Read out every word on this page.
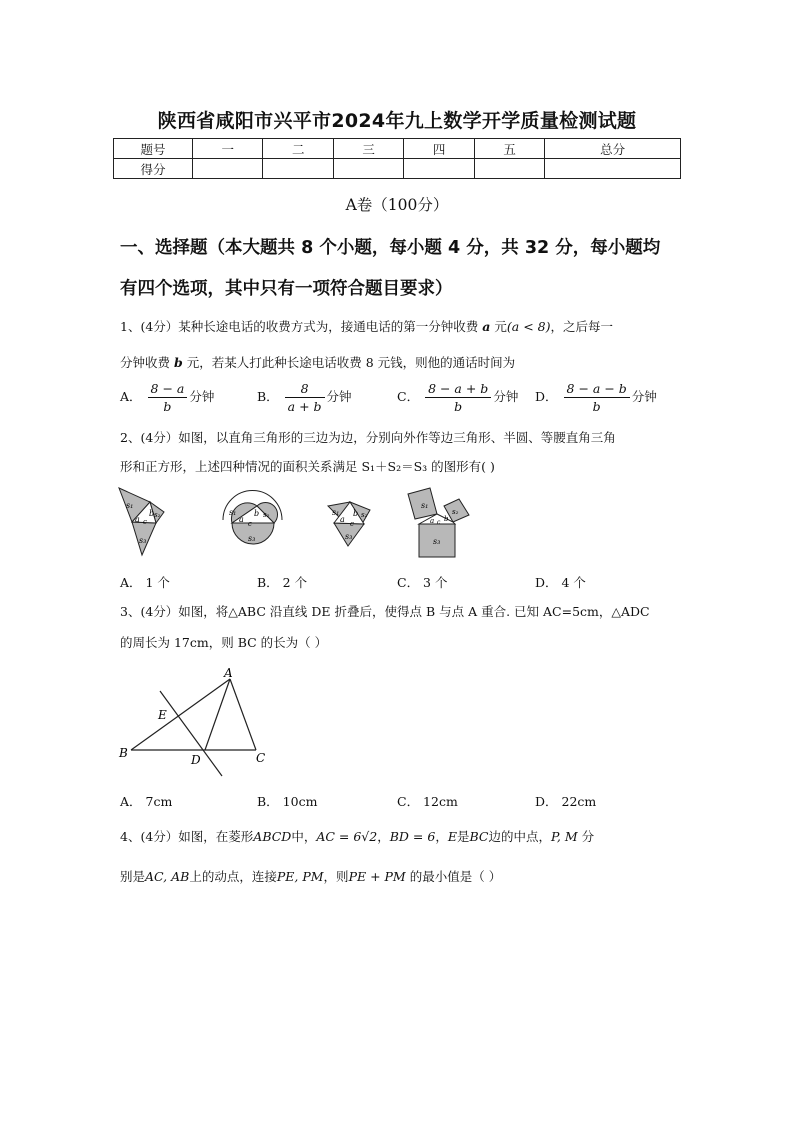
陕西省咸阳市兴平市2024年九上数学开学质量检测试题
题号	一	二	三	四	五	总分
得分						
A卷（100分）
一、选择题（本大题共 8 个小题，每小题 4 分，共 32 分，每小题均
有四个选项，其中只有一项符合题目要求）
1、(4分）某种长途电话的收费方式为，接通电话的第一分钟收费 a 元(a < 8)，之后每一
分钟收费 b 元，若某人打此种长途电话收费 8 元钱，则他的通话时间为
A． $\frac{8 - a}{b}$ 分钟	B． $\frac{8}{a + b}$ 分钟	C． $\frac{8 - a + b}{b}$ 分钟 D． $\frac{8 - a - b}{b}$ 分钟
2、(4分）如图，以直角三角形的三边为边，分别向外作等边三角形、半圆、等腰直角三角
形和正方形，上述四种情况的面积关系满足 S₁＋S₂＝S₃ 的图形有( )
s₁
s₂
s₃
a
b
c
s₁	s₂
s₃
a
b
c
s₁	s₂
s₃
a
b
c
s₁
s₂
s₃
a b
c
A． 1 个	B． 2 个	C． 3 个	D． 4 个
3、(4分）如图，将△ABC 沿直线 DE 折叠后，使得点 B 与点 A 重合. 已知 AC=5cm，△ADC
的周长为 17cm，则 BC 的长为（ ）
A
B	C
D
E
A． 7cm	B． 10cm	C． 12cm	D． 22cm
4、(4分）如图，在菱形ABCD中，AC = 6√2，BD = 6，E是BC边的中点，P, M 分
别是AC, AB上的动点，连接PE, PM，则PE + PM 的最小值是（ ）
